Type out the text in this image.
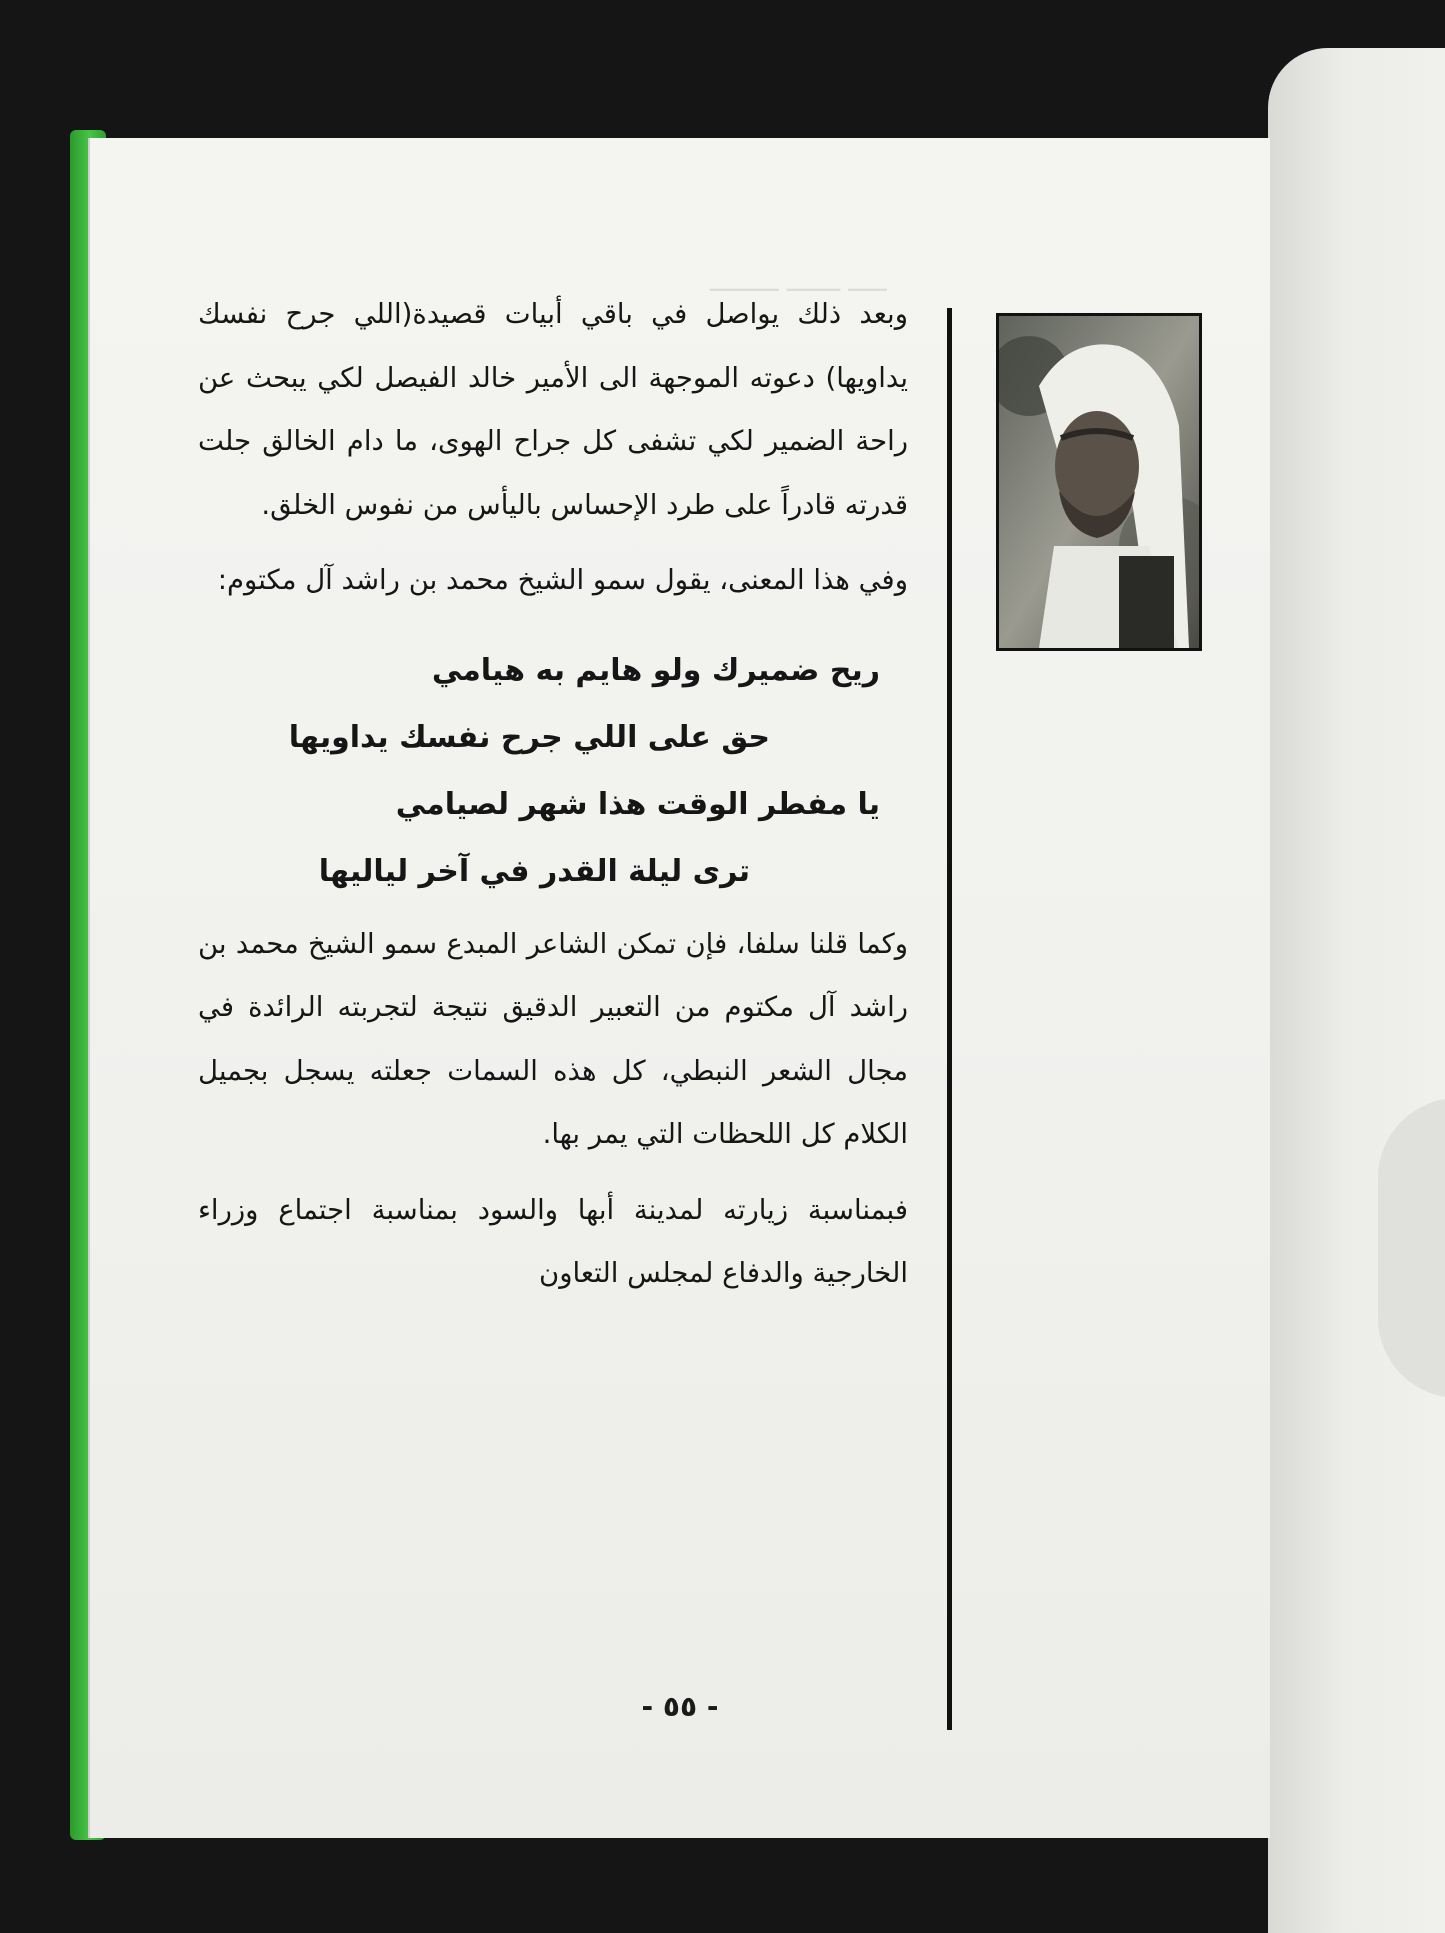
ـــــــــ ـــــــ ـــــ

وبعد ذلك يواصل في باقي أبيات قصيدة(اللي جرح نفسك يداويها) دعوته الموجهة الى الأمير خالد الفيصل لكي يبحث عن راحة الضمير لكي تشفى كل جراح الهوى، ما دام الخالق جلت قدرته قادراً على طرد الإحساس باليأس من نفوس الخلق.

وفي هذا المعنى، يقول سمو الشيخ محمد بن راشد آل مكتوم:

ريح ضميرك ولو هايم به هيامي

حق على اللي جرح نفسك يداويها

يا مفطر الوقت هذا شهر لصيامي

ترى ليلة القدر في آخر لياليها

وكما قلنا سلفا، فإن تمكن الشاعر المبدع سمو الشيخ محمد بن راشد آل مكتوم من التعبير الدقيق نتيجة لتجربته الرائدة في مجال الشعر النبطي، كل هذه السمات جعلته يسجل بجميل الكلام كل اللحظات التي يمر بها.

فبمناسبة زيارته لمدينة أبها والسود بمناسبة اجتماع وزراء الخارجية والدفاع لمجلس التعاون

- ٥٥ -
